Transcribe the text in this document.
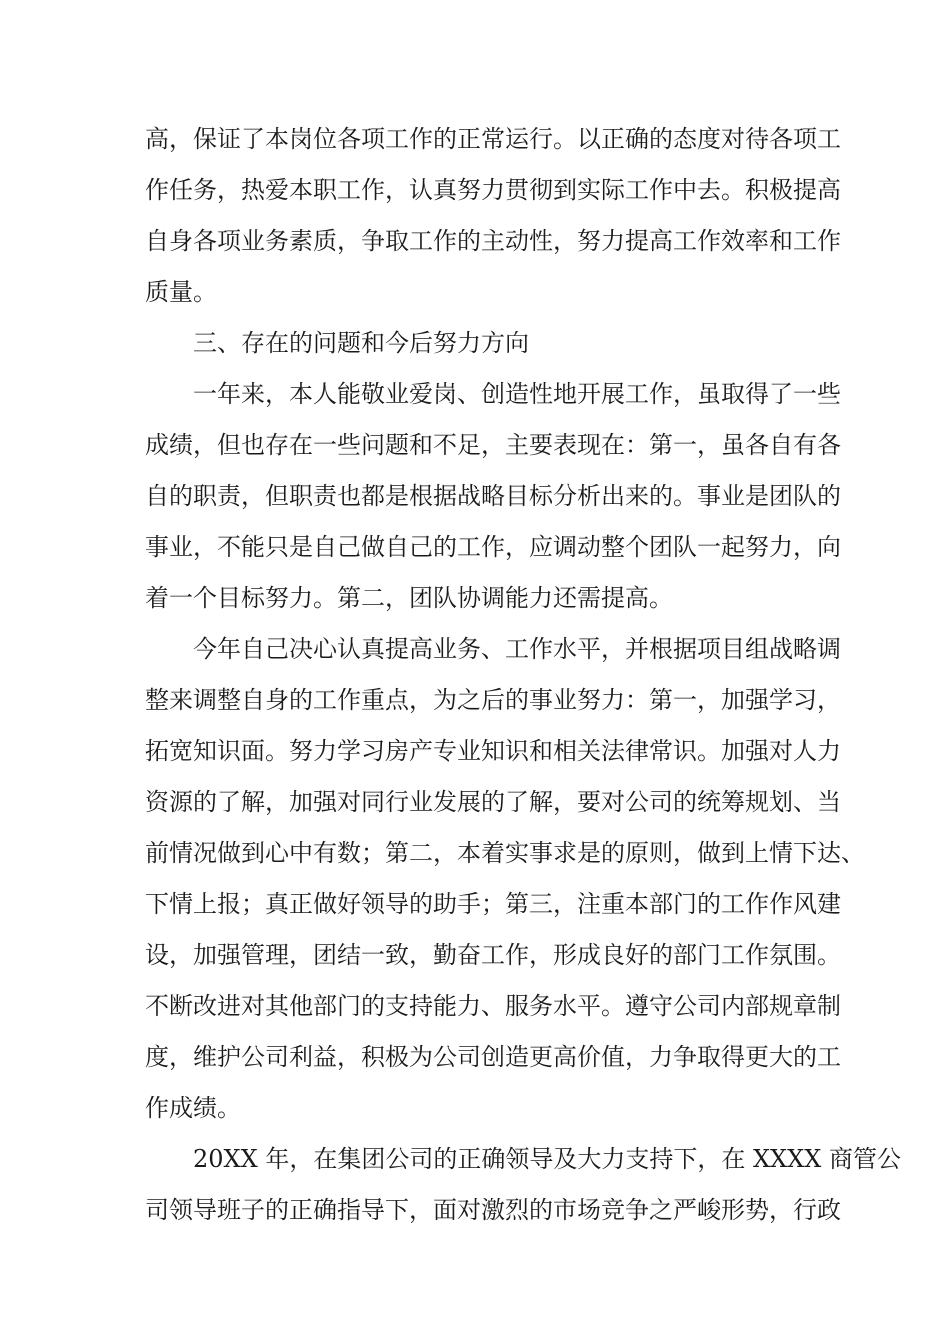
高，保证了本岗位各项工作的正常运行。以正确的态度对待各项工
作任务，热爱本职工作，认真努力贯彻到实际工作中去。积极提高
自身各项业务素质，争取工作的主动性，努力提高工作效率和工作
质量。
三、存在的问题和今后努力方向
一年来，本人能敬业爱岗、创造性地开展工作，虽取得了一些
成绩，但也存在一些问题和不足，主要表现在：第一，虽各自有各
自的职责，但职责也都是根据战略目标分析出来的。事业是团队的
事业，不能只是自己做自己的工作，应调动整个团队一起努力，向
着一个目标努力。第二，团队协调能力还需提高。
今年自己决心认真提高业务、工作水平，并根据项目组战略调
整来调整自身的工作重点，为之后的事业努力：第一，加强学习，
拓宽知识面。努力学习房产专业知识和相关法律常识。加强对人力
资源的了解，加强对同行业发展的了解，要对公司的统筹规划、当
前情况做到心中有数；第二，本着实事求是的原则，做到上情下达、
下情上报；真正做好领导的助手；第三，注重本部门的工作作风建
设，加强管理，团结一致，勤奋工作，形成良好的部门工作氛围。
不断改进对其他部门的支持能力、服务水平。遵守公司内部规章制
度，维护公司利益，积极为公司创造更高价值，力争取得更大的工
作成绩。
20XX 年，在集团公司的正确领导及大力支持下，在 XXXX 商管公
司领导班子的正确指导下，面对激烈的市场竞争之严峻形势，行政
